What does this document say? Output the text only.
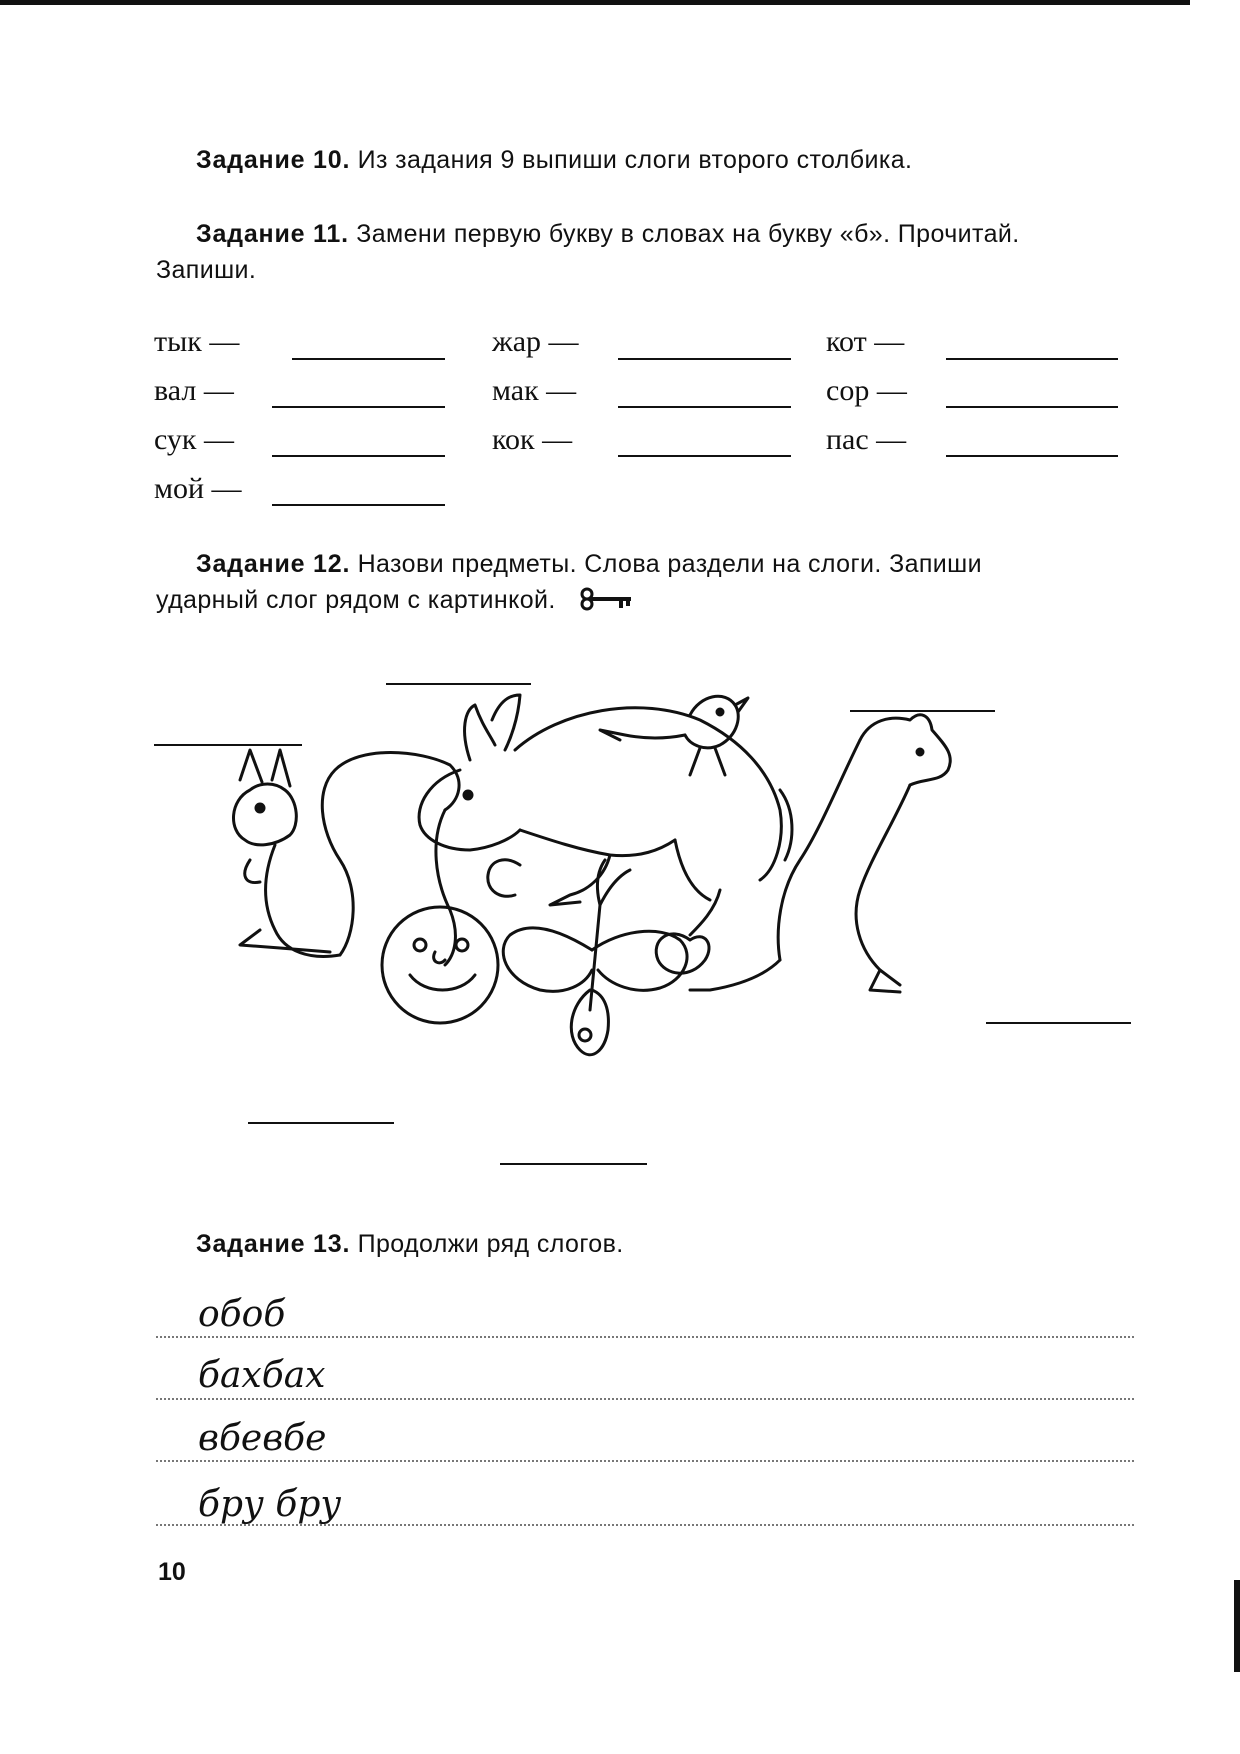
Задание 10. Из задания 9 выпиши слоги второго столбика.
Задание 11. Замени первую букву в словах на букву «б». Прочитай.
Запиши.
тык —	жар —	кот —
вал —	мак —	сор —
сук —	кок —	пас —
мой —
Задание 12. Назови предметы. Слова раздели на слоги. Запиши
ударный слог рядом с картинкой.
Задание 13. Продолжи ряд слогов.
обоб
бахбах
вбевбе
бру бру
10
